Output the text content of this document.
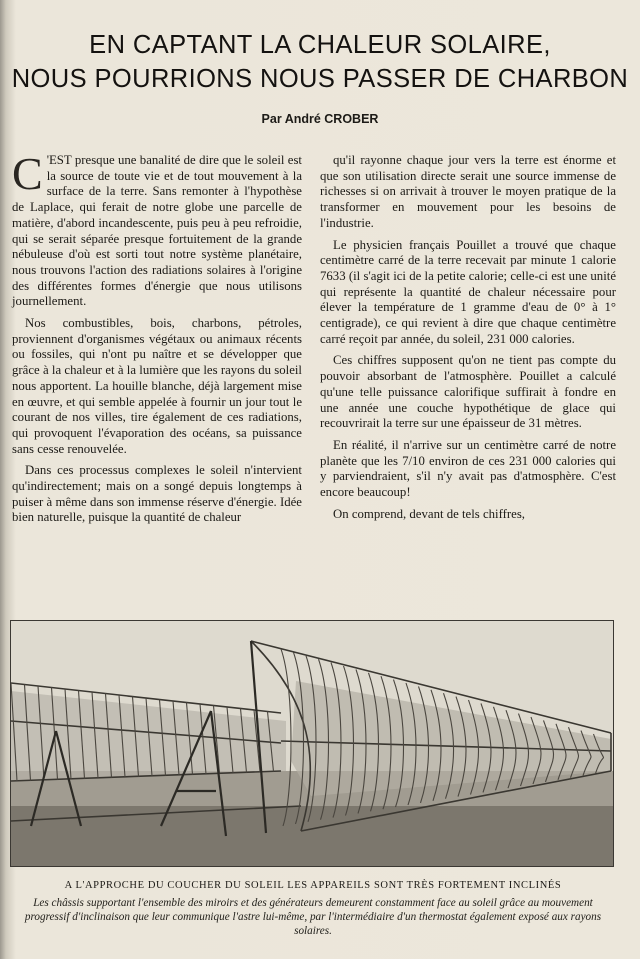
EN CAPTANT LA CHALEUR SOLAIRE,
NOUS POURRIONS NOUS PASSER DE CHARBON
Par André CROBER

C 'EST presque une banalité de dire que le soleil est la source de toute vie et de tout mouvement à la surface de la terre. Sans remonter à l'hypothèse de Laplace, qui ferait de notre globe une parcelle de matière, d'abord incandescente, puis peu à peu refroidie, qui se serait séparée presque fortuitement de la grande nébuleuse d'où est sorti tout notre système planétaire, nous trouvons l'action des radiations solaires à l'origine des différentes formes d'énergie que nous utilisons journellement.

Nos combustibles, bois, charbons, pétroles, proviennent d'organismes végétaux ou animaux récents ou fossiles, qui n'ont pu naître et se développer que grâce à la chaleur et à la lumière que les rayons du soleil nous apportent. La houille blanche, déjà largement mise en œuvre, et qui semble appelée à fournir un jour tout le courant de nos villes, tire également de ces radiations, qui provoquent l'évaporation des océans, sa puissance sans cesse renouvelée.

Dans ces processus complexes le soleil n'intervient qu'indirectement; mais on a songé depuis longtemps à puiser à même dans son immense réserve d'énergie. Idée bien naturelle, puisque la quantité de chaleur

qu'il rayonne chaque jour vers la terre est énorme et que son utilisation directe serait une source immense de richesses si on arrivait à trouver le moyen pratique de la transformer en mouvement pour les besoins de l'industrie.

Le physicien français Pouillet a trouvé que chaque centimètre carré de la terre recevait par minute 1 calorie 7633 (il s'agit ici de la petite calorie; celle-ci est une unité qui représente la quantité de chaleur nécessaire pour élever la température de 1 gramme d'eau de 0° à 1° centigrade), ce qui revient à dire que chaque centimètre carré reçoit par année, du soleil, 231 000 calories.

Ces chiffres supposent qu'on ne tient pas compte du pouvoir absorbant de l'atmosphère. Pouillet a calculé qu'une telle puissance calorifique suffirait à fondre en une année une couche hypothétique de glace qui recouvrirait la terre sur une épaisseur de 31 mètres.

En réalité, il n'arrive sur un centimètre carré de notre planète que les 7/10 environ de ces 231 000 calories qui y parviendraient, s'il n'y avait pas d'atmosphère. C'est encore beaucoup!

On comprend, devant de tels chiffres,

A L'APPROCHE DU COUCHER DU SOLEIL LES APPAREILS SONT TRÈS FORTEMENT INCLINÉS
Les châssis supportant l'ensemble des miroirs et des générateurs demeurent constamment face au soleil grâce au mouvement progressif d'inclinaison que leur communique l'astre lui-même, par l'intermédiaire d'un thermostat également exposé aux rayons solaires.
